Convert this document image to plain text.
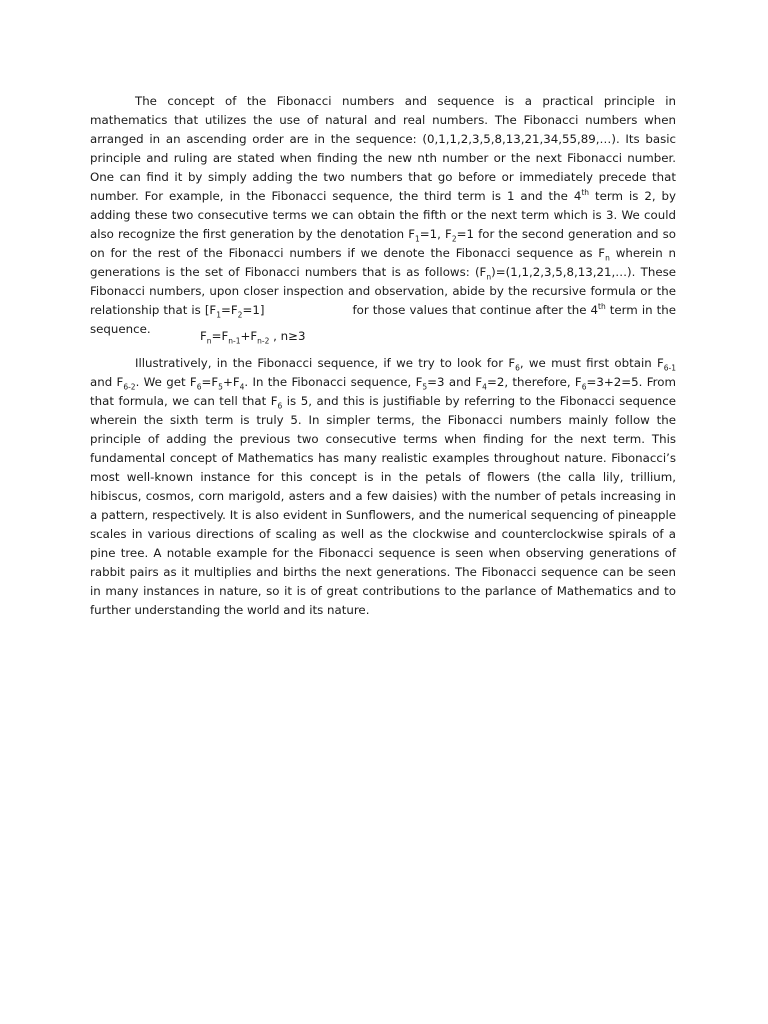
The concept of the Fibonacci numbers and sequence is a practical principle in mathematics that utilizes the use of natural and real numbers. The Fibonacci numbers when arranged in an ascending order are in the sequence: (0,1,1,2,3,5,8,13,21,34,55,89,…). Its basic principle and ruling are stated when finding the new nth number or the next Fibonacci number. One can find it by simply adding the two numbers that go before or immediately precede that number. For example, in the Fibonacci sequence, the third term is 1 and the 4th term is 2, by adding these two consecutive terms we can obtain the fifth or the next term which is 3. We could also recognize the first generation by the denotation $F_1=1$, $F_2=1$ for the second generation and so on for the rest of the Fibonacci numbers if we denote the Fibonacci sequence as $F_n$ wherein n generations is the set of Fibonacci numbers that is as follows: $(F_n)=(1,1,2,3,5,8,13,21,\dots)$. These Fibonacci numbers, upon closer inspection and observation, abide by the recursive formula or the relationship that is $[F_1=F_2=1]$	for those values that continue after the 4th term in the sequence.	$F_n=F_{n-1}+F_{n-2}$ , n≥3

Illustratively, in the Fibonacci sequence, if we try to look for $F_6$, we must first obtain $F_{6-1}$ and $F_{6-2}$. We get $F_6=F_5+F_4$. In the Fibonacci sequence, $F_5=3$ and $F_4=2$, therefore, $F_6=3+2=5$. From that formula, we can tell that $F_6$ is 5, and this is justifiable by referring to the Fibonacci sequence wherein the sixth term is truly 5. In simpler terms, the Fibonacci numbers mainly follow the principle of adding the previous two consecutive terms when finding for the next term. This fundamental concept of Mathematics has many realistic examples throughout nature. Fibonacci’s most well-known instance for this concept is in the petals of flowers (the calla lily, trillium, hibiscus, cosmos, corn marigold, asters and a few daisies) with the number of petals increasing in a pattern, respectively. It is also evident in Sunflowers, and the numerical sequencing of pineapple scales in various directions of scaling as well as the clockwise and counterclockwise spirals of a pine tree. A notable example for the Fibonacci sequence is seen when observing generations of rabbit pairs as it multiplies and births the next generations. The Fibonacci sequence can be seen in many instances in nature, so it is of great contributions to the parlance of Mathematics and to further understanding the world and its nature.
